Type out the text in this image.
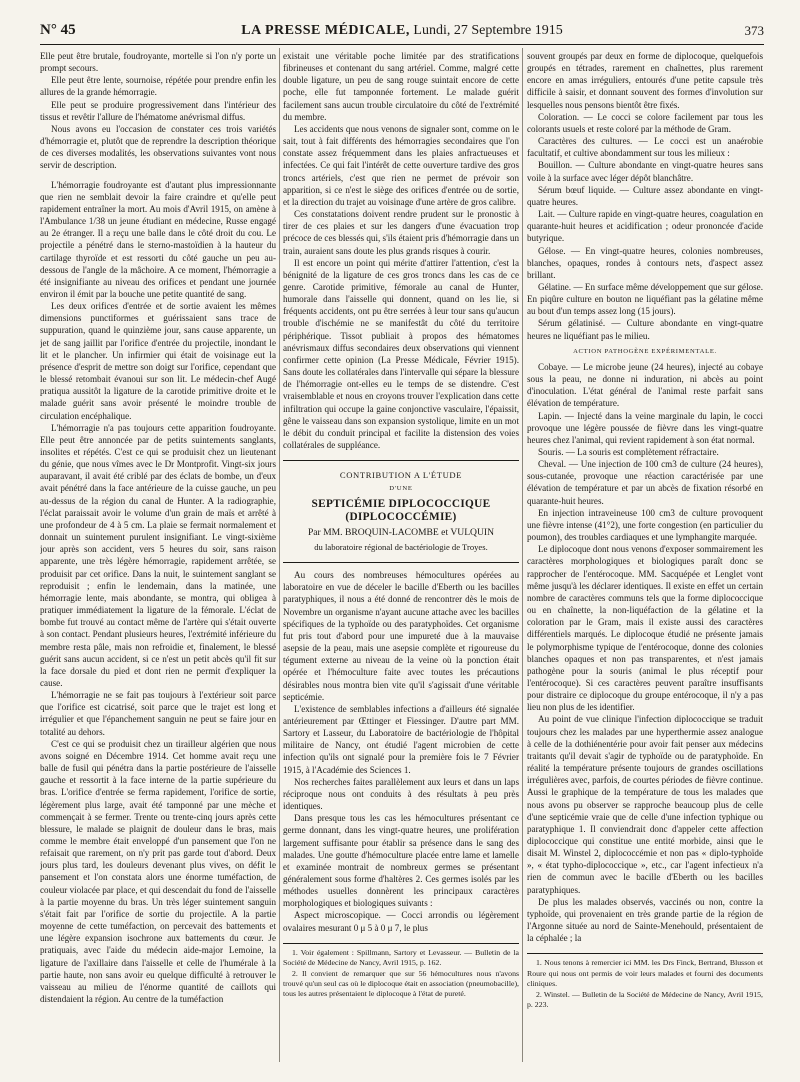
N° 45	LA PRESSE MÉDICALE, Lundi, 27 Septembre 1915	373

Elle peut être brutale, foudroyante, mortelle si l'on n'y porte un prompt secours.

Elle peut être lente, sournoise, répétée pour prendre enfin les allures de la grande hémorragie.

Elle peut se produire progressivement dans l'intérieur des tissus et revêtir l'allure de l'hématome anévrismal diffus.

Nous avons eu l'occasion de constater ces trois variétés d'hémorragie et, plutôt que de reprendre la description théorique de ces diverses modalités, les observations suivantes vont nous servir de description.

L'hémorragie foudroyante est d'autant plus impressionnante que rien ne semblait devoir la faire craindre et qu'elle peut rapidement entraîner la mort. Au mois d'Avril 1915, on amène à l'Ambulance 1/38 un jeune étudiant en médecine, Russe engagé au 2e étranger. Il a reçu une balle dans le côté droit du cou. Le projectile a pénétré dans le sterno-mastoïdien à la hauteur du cartilage thyroïde et est ressorti du côté gauche un peu au-dessous de l'angle de la mâchoire. A ce moment, l'hémorragie a été insignifiante au niveau des orifices et pendant une journée environ il émit par la bouche une petite quantité de sang.

Les deux orifices d'entrée et de sortie avaient les mêmes dimensions punctiformes et guérissaient sans trace de suppuration, quand le quinzième jour, sans cause apparente, un jet de sang jaillit par l'orifice d'entrée du projectile, inondant le lit et le plancher. Un infirmier qui était de voisinage eut la présence d'esprit de mettre son doigt sur l'orifice, cependant que le blessé retombait évanoui sur son lit. Le médecin-chef Augé pratiqua aussitôt la ligature de la carotide primitive droite et le malade guérit sans avoir présenté le moindre trouble de circulation encéphalique.

L'hémorragie n'a pas toujours cette apparition foudroyante. Elle peut être annoncée par de petits suintements sanglants, insolites et répétés. C'est ce qui se produisit chez un lieutenant du génie, que nous vîmes avec le Dr Montprofit. Vingt-six jours auparavant, il avait été criblé par des éclats de bombe, un d'eux avait pénétré dans la face antérieure de la cuisse gauche, un peu au-dessus de la région du canal de Hunter. A la radiographie, l'éclat paraissait avoir le volume d'un grain de maïs et arrêté à une profondeur de 4 à 5 cm. La plaie se fermait normalement et donnait un suintement purulent insignifiant. Le vingt-sixième jour après son accident, vers 5 heures du soir, sans raison apparente, une très légère hémorragie, rapidement arrêtée, se produisit par cet orifice. Dans la nuit, le suintement sanglant se reproduisit ; enfin le lendemain, dans la matinée, une hémorragie lente, mais abondante, se montra, qui obligea à pratiquer immédiatement la ligature de la fémorale. L'éclat de bombe fut trouvé au contact même de l'artère qui s'était ouverte à son contact. Pendant plusieurs heures, l'extrémité inférieure du membre resta pâle, mais non refroidie et, finalement, le blessé guérit sans aucun accident, si ce n'est un petit abcès qu'il fit sur la face dorsale du pied et dont rien ne permit d'expliquer la cause.

L'hémorragie ne se fait pas toujours à l'extérieur soit parce que l'orifice est cicatrisé, soit parce que le trajet est long et irrégulier et que l'épanchement sanguin ne peut se faire jour en totalité au dehors.

C'est ce qui se produisit chez un tirailleur algérien que nous avons soigné en Décembre 1914. Cet homme avait reçu une balle de fusil qui pénétra dans la partie postérieure de l'aisselle gauche et ressortit à la face interne de la partie supérieure du bras. L'orifice d'entrée se ferma rapidement, l'orifice de sortie, légèrement plus large, avait été tamponné par une mèche et commençait à se fermer. Trente ou trente-cinq jours après cette blessure, le malade se plaignit de douleur dans le bras, mais comme le membre était enveloppé d'un pansement que l'on ne refaisait que rarement, on n'y prit pas garde tout d'abord. Deux jours plus tard, les douleurs devenant plus vives, on défit le pansement et l'on constata alors une énorme tuméfaction, de couleur violacée par place, et qui descendait du fond de l'aisselle à la partie moyenne du bras. Un très léger suintement sanguin s'était fait par l'orifice de sortie du projectile. A la partie moyenne de cette tuméfaction, on percevait des battements et une légère expansion isochrone aux battements du cœur. Je pratiquais, avec l'aide du médecin aide-major Lemoine, la ligature de l'axillaire dans l'aisselle et celle de l'humérale à la partie haute, non sans avoir eu quelque difficulté à retrouver le vaisseau au milieu de l'énorme quantité de caillots qui distendaient la région. Au centre de la tuméfaction

existait une véritable poche limitée par des stratifications fibrineuses et contenant du sang artériel. Comme, malgré cette double ligature, un peu de sang rouge suintait encore de cette poche, elle fut tamponnée fortement. Le malade guérit facilement sans aucun trouble circulatoire du côté de l'extrémité du membre.

Les accidents que nous venons de signaler sont, comme on le sait, tout à fait différents des hémorragies secondaires que l'on constate assez fréquemment dans les plaies anfractueuses et infectées. Ce qui fait l'intérêt de cette ouverture tardive des gros troncs artériels, c'est que rien ne permet de prévoir son apparition, si ce n'est le siège des orifices d'entrée ou de sortie, et la direction du trajet au voisinage d'une artère de gros calibre.

Ces constatations doivent rendre prudent sur le pronostic à tirer de ces plaies et sur les dangers d'une évacuation trop précoce de ces blessés qui, s'ils étaient pris d'hémorragie dans un train, auraient sans doute les plus grands risques à courir.

Il est encore un point qui mérite d'attirer l'attention, c'est la bénignité de la ligature de ces gros troncs dans les cas de ce genre. Carotide primitive, fémorale au canal de Hunter, humorale dans l'aisselle qui donnent, quand on les lie, si fréquents accidents, ont pu être serrées à leur tour sans qu'aucun trouble d'ischémie ne se manifestât du côté du territoire périphérique. Tissot publiait à propos des hématomes anévrismaux diffus secondaires deux observations qui viennent confirmer cette opinion (La Presse Médicale, Février 1915). Sans doute les collatérales dans l'intervalle qui sépare la blessure de l'hémorragie ont-elles eu le temps de se distendre. C'est vraisemblable et nous en croyons trouver l'explication dans cette infiltration qui occupe la gaine conjonctive vasculaire, l'épaissit, gêne le vaisseau dans son expansion systolique, limite en un mot le débit du conduit principal et facilite la distension des voies collatérales de suppléance.

CONTRIBUTION A L'ÉTUDE
D'UNE
SEPTICÉMIE DIPLOCOCCIQUE (DIPLOCOCCÉMIE)
Par MM. BROQUIN-LACOMBE et VULQUIN
du laboratoire régional de bactériologie de Troyes.

Au cours des nombreuses hémocultures opérées au laboratoire en vue de déceler le bacille d'Eberth ou les bacilles paratyphiques, il nous a été donné de rencontrer dès le mois de Novembre un organisme n'ayant aucune attache avec les bacilles spécifiques de la typhoïde ou des paratyphoïdes. Cet organisme fut pris tout d'abord pour une impureté due à la mauvaise asepsie de la peau, mais une asepsie complète et rigoureuse du tégument externe au niveau de la veine où la ponction était opérée et l'hémoculture faite avec toutes les précautions désirables nous montra bien vite qu'il s'agissait d'une véritable septicémie.

L'existence de semblables infections a d'ailleurs été signalée antérieurement par Œttinger et Fiessinger. D'autre part MM. Sartory et Lasseur, du Laboratoire de bactériologie de l'hôpital militaire de Nancy, ont étudié l'agent microbien de cette infection qu'ils ont signalé pour la première fois le 7 Février 1915, à l'Académie des Sciences 1.

Nos recherches faites parallèlement aux leurs et dans un laps réciproque nous ont conduits à des résultats à peu près identiques.

Dans presque tous les cas les hémocultures présentant ce germe donnant, dans les vingt-quatre heures, une prolifération largement suffisante pour établir sa présence dans le sang des malades. Une goutte d'hémoculture placée entre lame et lamelle et examinée montrait de nombreux germes se présentant généralement sous forme d'haltères 2. Ces germes isolés par les méthodes usuelles donnèrent les principaux caractères morphologiques et biologiques suivants :

Aspect microscopique. — Cocci arrondis ou légèrement ovalaires mesurant 0 μ 5 à 0 μ 7, le plus

1. Voir également : Spillmann, Sartory et Levasseur. — Bulletin de la Société de Médecine de Nancy, Avril 1915, p. 162.

2. Il convient de remarquer que sur 56 hémocultures nous n'avons trouvé qu'un seul cas où le diplocoque était en association (pneumobacille), tous les autres présentaient le diplocoque à l'état de pureté.

souvent groupés par deux en forme de diplocoque, quelquefois groupés en tétrades, rarement en chaînettes, plus rarement encore en amas irréguliers, entourés d'une petite capsule très difficile à saisir, et donnant souvent des formes d'involution sur lesquelles nous pensons bientôt être fixés.

Coloration. — Le cocci se colore facilement par tous les colorants usuels et reste coloré par la méthode de Gram.

Caractères des cultures. — Le cocci est un anaérobie facultatif, et cultive abondamment sur tous les milieux :

Bouillon. — Culture abondante en vingt-quatre heures sans voile à la surface avec léger dépôt blanchâtre.

Sérum bœuf liquide. — Culture assez abondante en vingt-quatre heures.

Lait. — Culture rapide en vingt-quatre heures, coagulation en quarante-huit heures et acidification ; odeur prononcée d'acide butyrique.

Gélose. — En vingt-quatre heures, colonies nombreuses, blanches, opaques, rondes à contours nets, d'aspect assez brillant.

Gélatine. — En surface même développement que sur gélose. En piqûre culture en bouton ne liquéfiant pas la gélatine même au bout d'un temps assez long (15 jours).

Sérum gélatinisé. — Culture abondante en vingt-quatre heures ne liquéfiant pas le milieu.

ACTION PATHOGÈNE EXPÉRIMENTALE.

Cobaye. — Le microbe jeune (24 heures), injecté au cobaye sous la peau, ne donne ni induration, ni abcès au point d'inoculation. L'état général de l'animal reste parfait sans élévation de température.

Lapin. — Injecté dans la veine marginale du lapin, le cocci provoque une légère poussée de fièvre dans les vingt-quatre heures chez l'animal, qui revient rapidement à son état normal.

Souris. — La souris est complètement réfractaire.

Cheval. — Une injection de 100 cm3 de culture (24 heures), sous-cutanée, provoque une réaction caractérisée par une élévation de température et par un abcès de fixation résorbé en quarante-huit heures.

En injection intraveineuse 100 cm3 de culture provoquent une fièvre intense (41°2), une forte congestion (en particulier du poumon), des troubles cardiaques et une lymphangite marquée.

Le diplocoque dont nous venons d'exposer sommairement les caractères morphologiques et biologiques paraît donc se rapprocher de l'entérocoque. MM. Sacquépée et Lenglet vont même jusqu'à les déclarer identiques. Il existe en effet un certain nombre de caractères communs tels que la forme diplococcique ou en chaînette, la non-liquéfaction de la gélatine et la coloration par le Gram, mais il existe aussi des caractères différentiels marqués. Le diplocoque étudié ne présente jamais le polymorphisme typique de l'entérocoque, donne des colonies blanches opaques et non pas transparentes, et n'est jamais pathogène pour la souris (animal le plus réceptif pour l'entérocoque). Si ces caractères peuvent paraître insuffisants pour distraire ce diplocoque du groupe entérocoque, il n'y a pas lieu non plus de les identifier.

Au point de vue clinique l'infection diplococcique se traduit toujours chez les malades par une hyperthermie assez analogue à celle de la dothiénentérie pour avoir fait penser aux médecins traitants qu'il devait s'agir de typhoïde ou de paratyphoïde. En réalité la température présente toujours de grandes oscillations irrégulières avec, parfois, de courtes périodes de fièvre continue. Aussi le graphique de la température de tous les malades que nous avons pu observer se rapproche beaucoup plus de celle d'une septicémie vraie que de celle d'une infection typhique ou paratyphique 1. Il conviendrait donc d'appeler cette affection diplococcique qui constitue une entité morbide, ainsi que le disait M. Winstel 2, diplococcémie et non pas « diplo-typhoïde », « état typho-diplococcique », etc., car l'agent infectieux n'a rien de commun avec le bacille d'Eberth ou les bacilles paratyphiques.

De plus les malades observés, vaccinés ou non, contre la typhoïde, qui provenaient en très grande partie de la région de l'Argonne située au nord de Sainte-Menehould, présentaient de la céphalée ; la

1. Nous tenons à remercier ici MM. les Drs Finck, Bertrand, Blusson et Roure qui nous ont permis de voir leurs malades et fourni des documents cliniques.

2. Winstel. — Bulletin de la Société de Médecine de Nancy, Avril 1915, p. 223.
